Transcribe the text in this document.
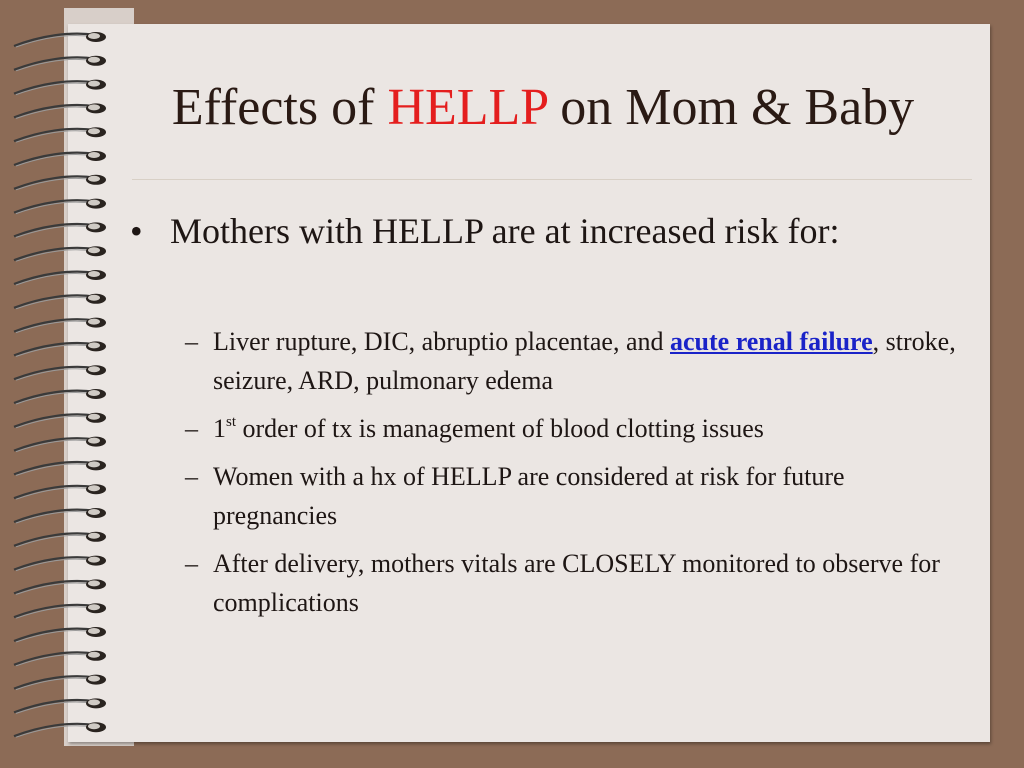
Effects of HELLP on Mom & Baby
• Mothers with HELLP are at increased risk for:
– Liver rupture, DIC, abruptio placentae, and acute renal failure, stroke, seizure, ARD, pulmonary edema
– 1st order of tx is management of blood clotting issues
– Women with a hx of HELLP are considered at risk for future pregnancies
– After delivery, mothers vitals are CLOSELY monitored to observe for complications
